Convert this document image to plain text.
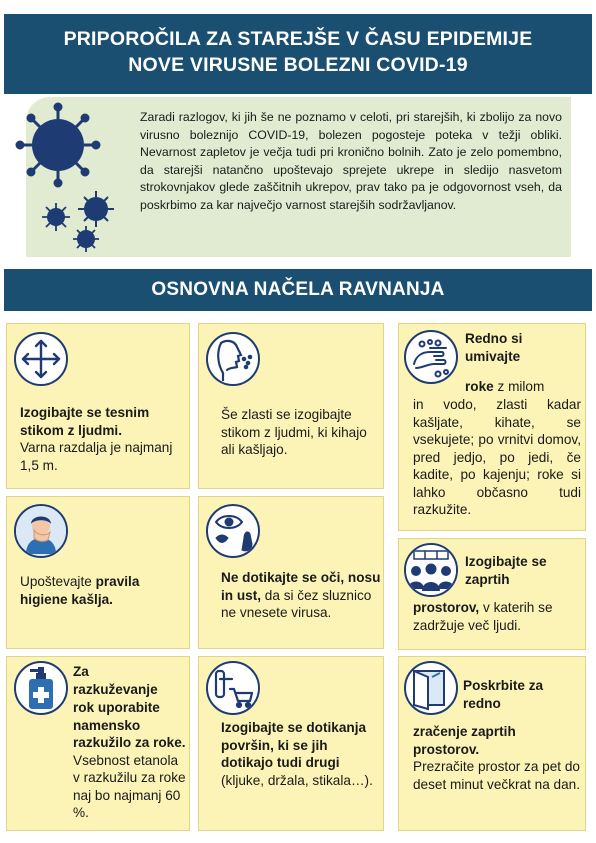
PRIPOROČILA ZA STAREJŠE V ČASU EPIDEMIJE
NOVE VIRUSNE BOLEZNI COVID-19
Zaradi razlogov, ki jih še ne poznamo v celoti, pri starejših, ki zbolijo za novo virusno boleznijo COVID-19, bolezen pogosteje poteka v težji obliki. Nevarnost zapletov je večja tudi pri kronično bolnih. Zato je zelo pomembno, da starejši natančno upoštevajo sprejete ukrepe in sledijo nasvetom strokovnjakov glede zaščitnih ukrepov, prav tako pa je odgovornost vseh, da poskrbimo za kar največjo varnost starejših sodržavljanov.
OSNOVNA NAČELA RAVNANJA
Izogibajte se tesnim stikom z ljudmi.
Varna razdalja je najmanj 1,5 m.
Še zlasti se izogibajte stikom z ljudmi, ki kihajo ali kašljajo.
Redno si
umivajte
roke z milom
in vodo, zlasti kadar kašljate, kihate, se vsekujete; po vrnitvi domov, pred jedjo, po jedi, če kadite, po kajenju; roke si lahko občasno tudi razkužite.
Upoštevajte pravila higiene kašlja.
Ne dotikajte se oči, nosu in ust, da si čez sluznico ne vnesete virusa.
Izogibajte se
zaprtih
prostorov, v katerih se zadržuje več ljudi.
Za
razkuževanje
rok uporabite namensko razkužilo za roke. Vsebnost etanola v razkužilu za roke naj bo najmanj 60 %.
Izogibajte se dotikanja površin, ki se jih dotikajo tudi drugi (kljuke, držala, stikala…).
Poskrbite za
redno
zračenje zaprtih prostorov.
Prezračite prostor za pet do deset minut večkrat na dan.
